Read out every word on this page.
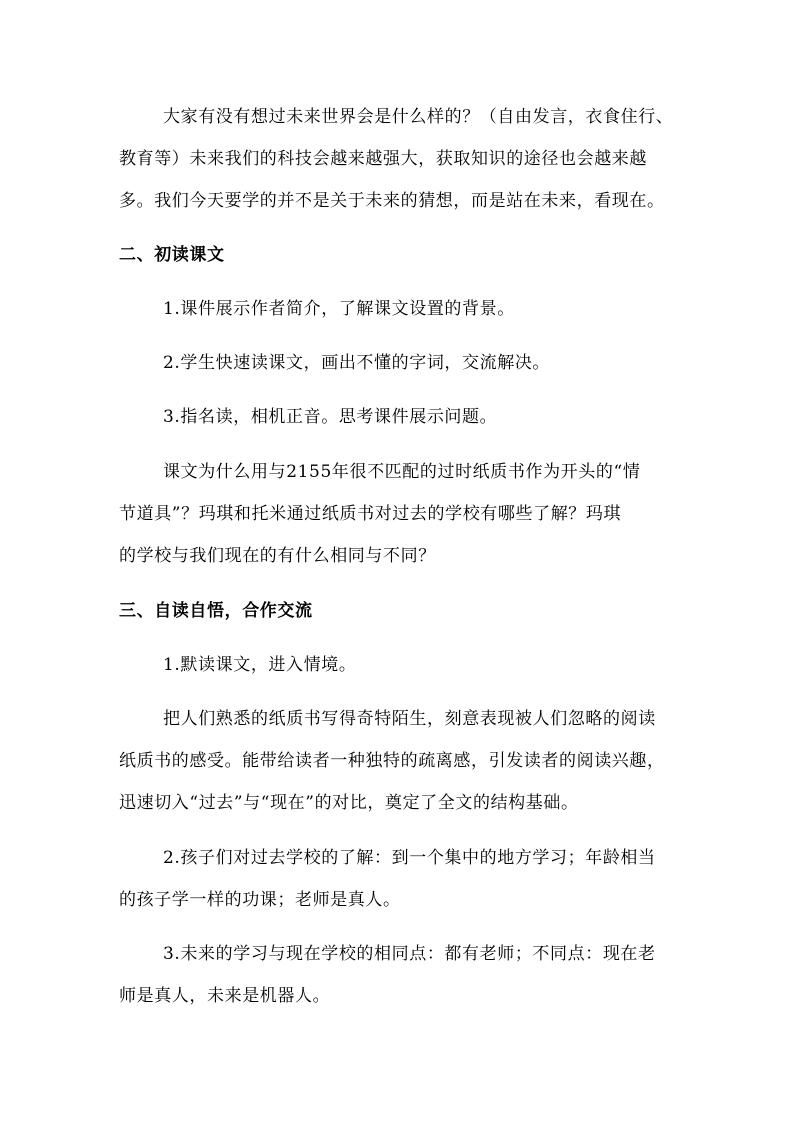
大家有没有想过未来世界会是什么样的？（自由发言，衣食住行、
教育等）未来我们的科技会越来越强大，获取知识的途径也会越来越
多。我们今天要学的并不是关于未来的猜想，而是站在未来，看现在。
二、初读课文
1.课件展示作者简介，了解课文设置的背景。
2.学生快速读课文，画出不懂的字词，交流解决。
3.指名读，相机正音。思考课件展示问题。
课文为什么用与2155年很不匹配的过时纸质书作为开头的“情
节道具”？玛琪和托米通过纸质书对过去的学校有哪些了解？玛琪
的学校与我们现在的有什么相同与不同？
三、自读自悟，合作交流
1.默读课文，进入情境。
把人们熟悉的纸质书写得奇特陌生，刻意表现被人们忽略的阅读
纸质书的感受。能带给读者一种独特的疏离感，引发读者的阅读兴趣，
迅速切入“过去”与“现在”的对比，奠定了全文的结构基础。
2.孩子们对过去学校的了解：到一个集中的地方学习；年龄相当
的孩子学一样的功课；老师是真人。
3.未来的学习与现在学校的相同点：都有老师；不同点：现在老
师是真人，未来是机器人。
